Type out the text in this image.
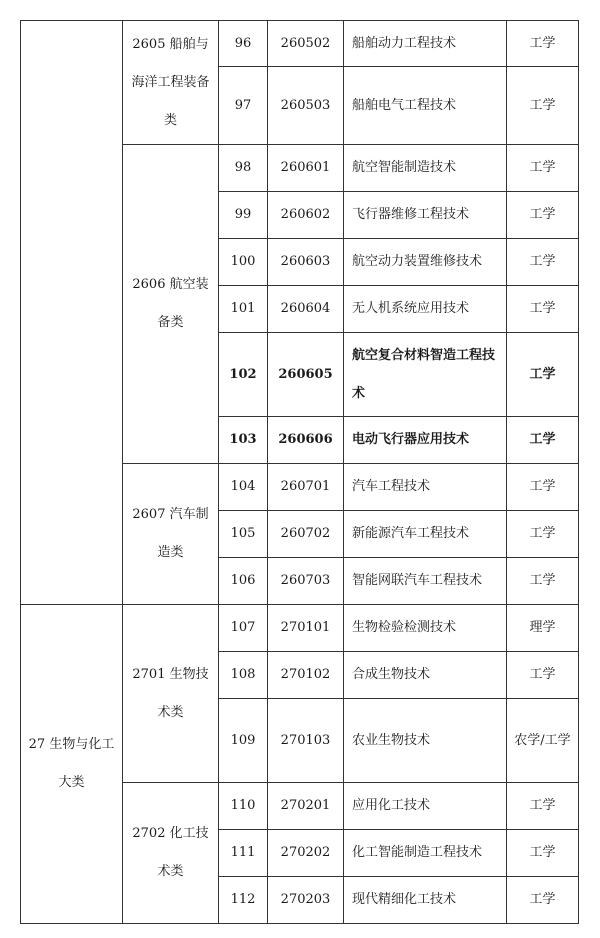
	2605 船舶与海洋工程装备类	96	260502	船舶动力工程技术	工学
		97	260503	船舶电气工程技术	工学
	2606 航空装备类	98	260601	航空智能制造技术	工学
		99	260602	飞行器维修工程技术	工学
		100	260603	航空动力装置维修技术	工学
		101	260604	无人机系统应用技术	工学
		102	260605	航空复合材料智造工程技术	工学
		103	260606	电动飞行器应用技术	工学
	2607 汽车制造类	104	260701	汽车工程技术	工学
		105	260702	新能源汽车工程技术	工学
		106	260703	智能网联汽车工程技术	工学
27 生物与化工大类	2701 生物技术类	107	270101	生物检验检测技术	理学
		108	270102	合成生物技术	工学
		109	270103	农业生物技术	农学/工学
	2702 化工技术类	110	270201	应用化工技术	工学
		111	270202	化工智能制造工程技术	工学
		112	270203	现代精细化工技术	工学
